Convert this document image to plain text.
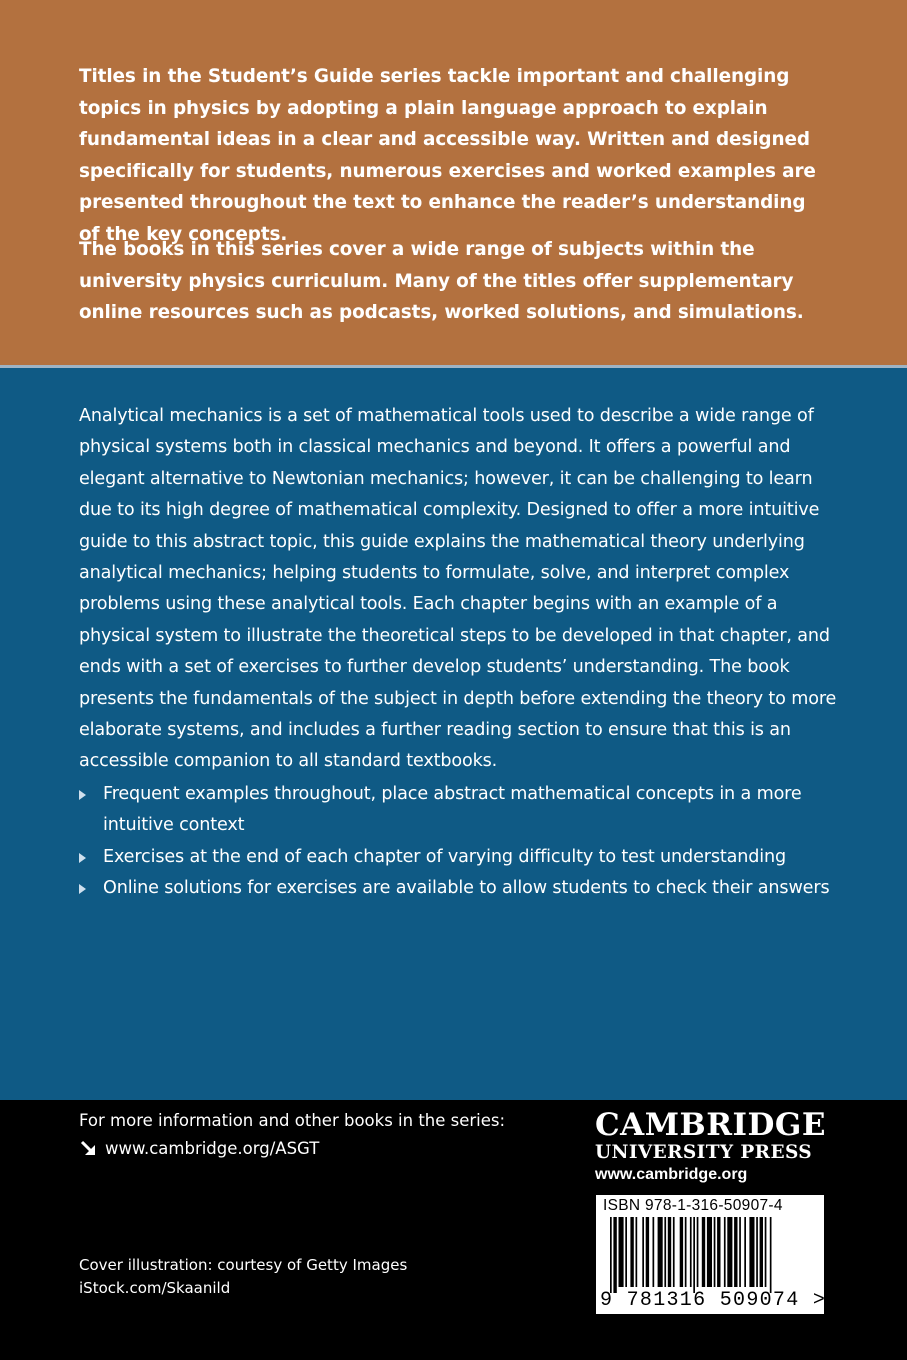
Titles in the Student’s Guide series tackle important and challenging topics in physics by adopting a plain language approach to explain fundamental ideas in a clear and accessible way. Written and designed specifically for students, numerous exercises and worked examples are presented throughout the text to enhance the reader’s understanding of the key concepts.

The books in this series cover a wide range of subjects within the university physics curriculum. Many of the titles offer supplementary online resources such as podcasts, worked solutions, and simulations.

Analytical mechanics is a set of mathematical tools used to describe a wide range of physical systems both in classical mechanics and beyond. It offers a powerful and elegant alternative to Newtonian mechanics; however, it can be challenging to learn due to its high degree of mathematical complexity. Designed to offer a more intuitive guide to this abstract topic, this guide explains the mathematical theory underlying analytical mechanics; helping students to formulate, solve, and interpret complex problems using these analytical tools. Each chapter begins with an example of a physical system to illustrate the theoretical steps to be developed in that chapter, and ends with a set of exercises to further develop students’ understanding. The book presents the fundamentals of the subject in depth before extending the theory to more elaborate systems, and includes a further reading section to ensure that this is an accessible companion to all standard textbooks.

Frequent examples throughout, place abstract mathematical concepts in a more intuitive context
Exercises at the end of each chapter of varying difficulty to test understanding
Online solutions for exercises are available to allow students to check their answers

For more information and other books in the series:

www.cambridge.org/ASGT

Cover illustration: courtesy of Getty Images
iStock.com/Skaanild

CAMBRIDGE
UNIVERSITY PRESS
www.cambridge.org
ISBN 978-1-316-50907-4
9 781316 509074 >
